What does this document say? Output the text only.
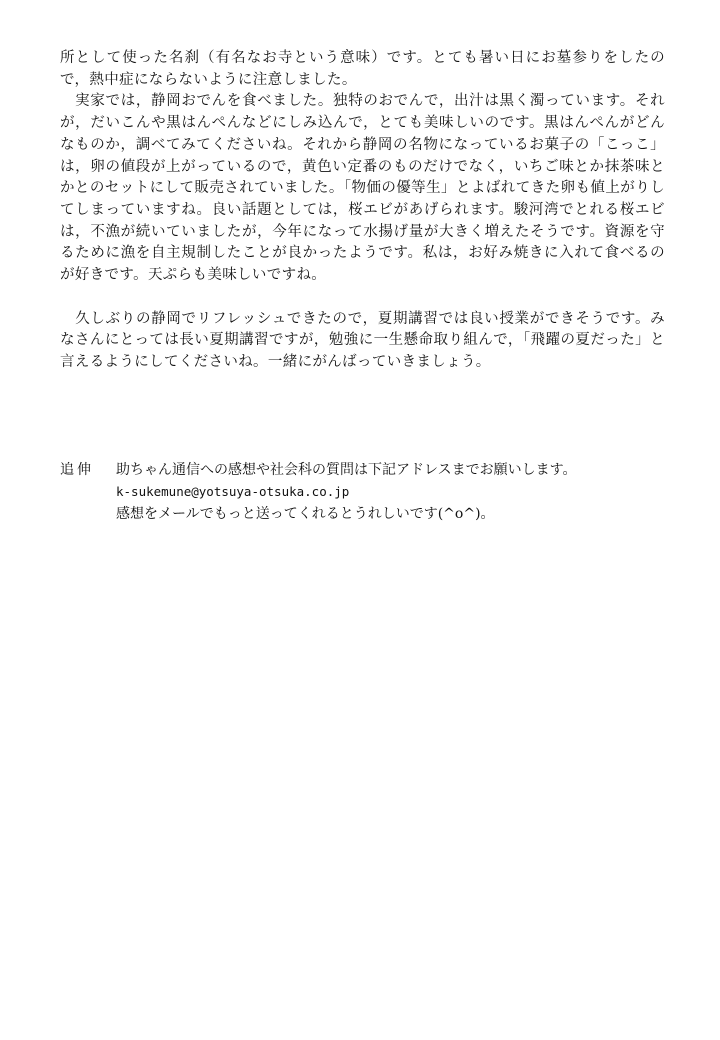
所として使った名刹（有名なお寺という意味）です。とても暑い日にお墓参りをしたので，熱中症にならないように注意しました。

　実家では，静岡おでんを食べました。独特のおでんで，出汁は黒く濁っています。それが，だいこんや黒はんぺんなどにしみ込んで，とても美味しいのです。黒はんぺんがどんなものか，調べてみてくださいね。それから静岡の名物になっているお菓子の「こっこ」は，卵の値段が上がっているので，黄色い定番のものだけでなく，いちご味とか抹茶味とかとのセットにして販売されていました。「物価の優等生」とよばれてきた卵も値上がりしてしまっていますね。良い話題としては，桜エビがあげられます。駿河湾でとれる桜エビは，不漁が続いていましたが，今年になって水揚げ量が大きく増えたそうです。資源を守るために漁を自主規制したことが良かったようです。私は，お好み焼きに入れて食べるのが好きです。天ぷらも美味しいですね。

　久しぶりの静岡でリフレッシュできたので，夏期講習では良い授業ができそうです。みなさんにとっては長い夏期講習ですが，勉強に一生懸命取り組んで，「飛躍の夏だった」と言えるようにしてくださいね。一緒にがんばっていきましょう。

追伸	助ちゃん通信への感想や社会科の質問は下記アドレスまでお願いします。
k-sukemune@yotsuya-otsuka.co.jp
感想をメールでもっと送ってくれるとうれしいです(^o^)。
